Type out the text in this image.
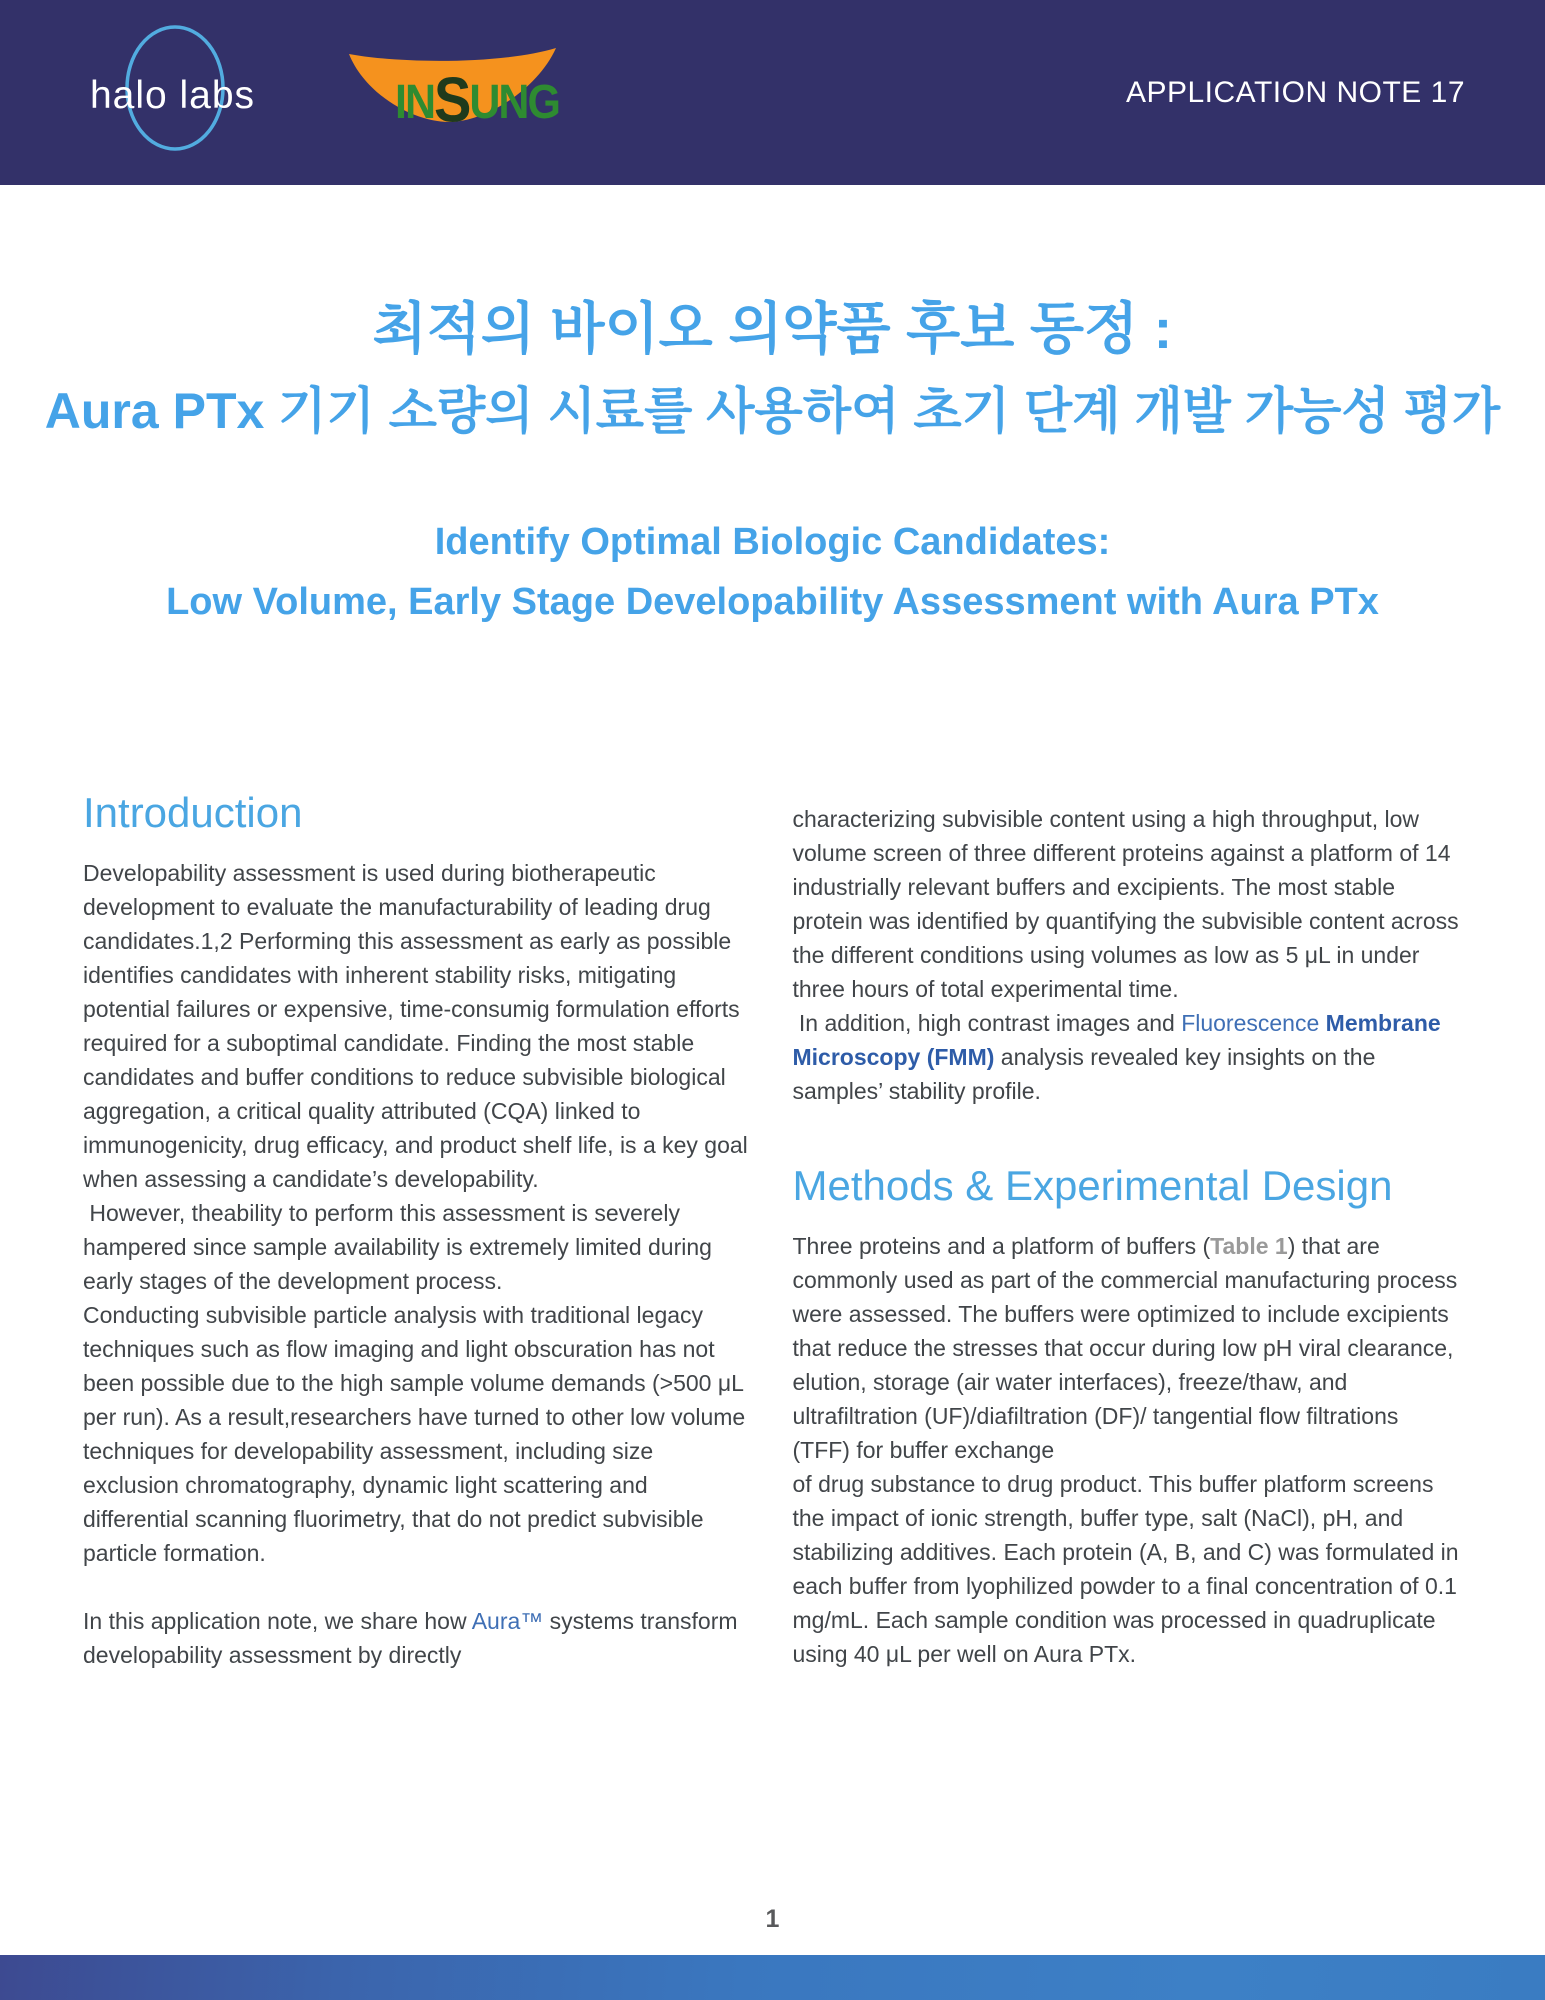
halo labs	INSUNG	APPLICATION NOTE 17
최적의 바이오 의약품 후보 동정 :
Aura PTx 기기 소량의 시료를 사용하여 초기 단계 개발 가능성 평가
Identify Optimal Biologic Candidates:
Low Volume, Early Stage Developability Assessment with Aura PTx
Introduction
Developability assessment is used during biotherapeutic development to evaluate the manufacturability of leading drug candidates.1,2 Performing this assessment as early as possible identifies candidates with inherent stability risks, mitigating potential failures or expensive, time-consumig formulation efforts required for a suboptimal candidate. Finding the most stable candidates and buffer conditions to reduce subvisible biological aggregation, a critical quality attributed (CQA) linked to immunogenicity, drug efficacy, and product shelf life, is a key goal when assessing a candidate’s developability.
However, theability to perform this assessment is severely hampered since sample availability is extremely limited during early stages of the development process.
Conducting subvisible particle analysis with traditional legacy techniques such as flow imaging and light obscuration has not been possible due to the high sample volume demands (>500 μL per run). As a result,researchers have turned to other low volume techniques for developability assessment, including size exclusion chromatography, dynamic light scattering and differential scanning fluorimetry, that do not predict subvisible particle formation.
In this application note, we share how Aura™ systems transform developability assessment by directly
characterizing subvisible content using a high throughput, low volume screen of three different proteins against a platform of 14 industrially relevant buffers and excipients. The most stable protein was identified by quantifying the subvisible content across the different conditions using volumes as low as 5 μL in under three hours of total experimental time.
In addition, high contrast images and Fluorescence Membrane Microscopy (FMM) analysis revealed key insights on the samples’ stability profile.
Methods & Experimental Design
Three proteins and a platform of buffers (Table 1) that are commonly used as part of the commercial manufacturing process were assessed. The buffers were optimized to include excipients that reduce the stresses that occur during low pH viral clearance, elution, storage (air water interfaces), freeze/thaw, and ultrafiltration (UF)/diafiltration (DF)/ tangential flow filtrations (TFF) for buffer exchange
of drug substance to drug product. This buffer platform screens the impact of ionic strength, buffer type, salt (NaCl), pH, and stabilizing additives. Each protein (A, B, and C) was formulated in each buffer from lyophilized powder to a final concentration of 0.1 mg/mL. Each sample condition was processed in quadruplicate using 40 μL per well on Aura PTx.
1
